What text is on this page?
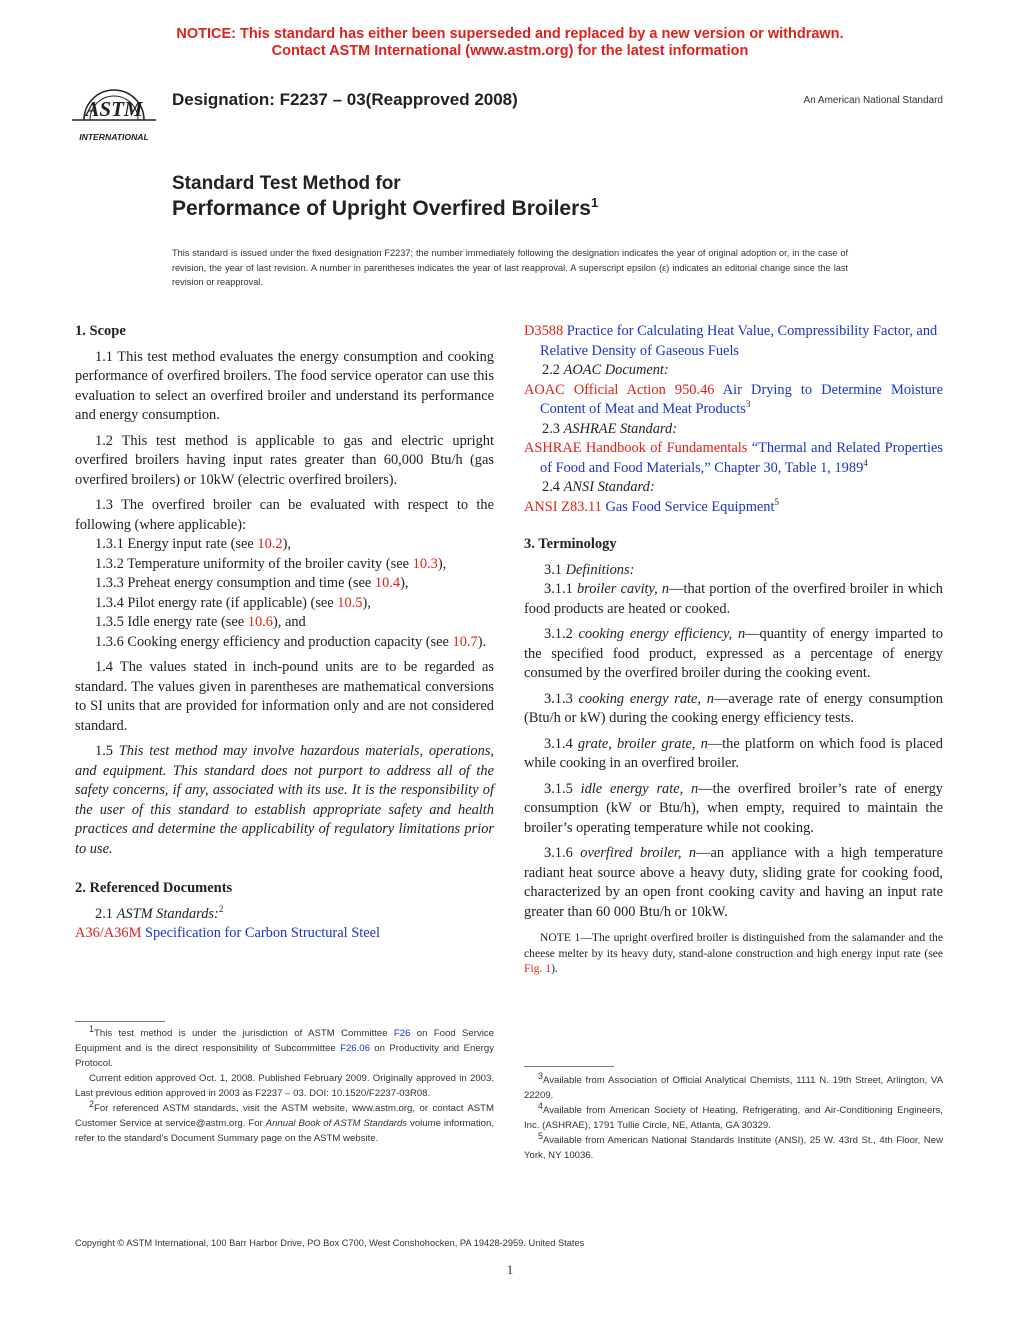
NOTICE: This standard has either been superseded and replaced by a new version or withdrawn.
Contact ASTM International (www.astm.org) for the latest information
ASTM
INTERNATIONAL
Designation: F2237 – 03(Reapproved 2008)	An American National Standard
Standard Test Method for
Performance of Upright Overfired Broilers$^1$
This standard is issued under the fixed designation F2237; the number immediately following the designation indicates the year of original adoption or, in the case of revision, the year of last revision. A number in parentheses indicates the year of last reapproval. A superscript epsilon (ε) indicates an editorial change since the last revision or reapproval.

1. Scope

1.1 This test method evaluates the energy consumption and cooking performance of overfired broilers. The food service operator can use this evaluation to select an overfired broiler and understand its performance and energy consumption.

1.2 This test method is applicable to gas and electric upright overfired broilers having input rates greater than 60,000 Btu/h (gas overfired broilers) or 10kW (electric overfired broilers).

1.3 The overfired broiler can be evaluated with respect to the following (where applicable):

1.3.1 Energy input rate (see 10.2),

1.3.2 Temperature uniformity of the broiler cavity (see 10.3),

1.3.3 Preheat energy consumption and time (see 10.4),

1.3.4 Pilot energy rate (if applicable) (see 10.5),

1.3.5 Idle energy rate (see 10.6), and

1.3.6 Cooking energy efficiency and production capacity (see 10.7).

1.4 The values stated in inch-pound units are to be regarded as standard. The values given in parentheses are mathematical conversions to SI units that are provided for information only and are not considered standard.

1.5 This test method may involve hazardous materials, operations, and equipment. This standard does not purport to address all of the safety concerns, if any, associated with its use. It is the responsibility of the user of this standard to establish appropriate safety and health practices and determine the applicability of regulatory limitations prior to use.

2. Referenced Documents

2.1 ASTM Standards:$^2$

A36/A36M Specification for Carbon Structural Steel

D3588 Practice for Calculating Heat Value, Compressibility Factor, and Relative Density of Gaseous Fuels

2.2 AOAC Document:

AOAC Official Action 950.46 Air Drying to Determine Moisture Content of Meat and Meat Products$^3$

2.3 ASHRAE Standard:

ASHRAE Handbook of Fundamentals “Thermal and Related Properties of Food and Food Materials,” Chapter 30, Table 1, 1989$^4$

2.4 ANSI Standard:

ANSI Z83.11 Gas Food Service Equipment$^5$

3. Terminology

3.1 Definitions:

3.1.1 broiler cavity, n—that portion of the overfired broiler in which food products are heated or cooked.

3.1.2 cooking energy efficiency, n—quantity of energy imparted to the specified food product, expressed as a percentage of energy consumed by the overfired broiler during the cooking event.

3.1.3 cooking energy rate, n—average rate of energy consumption (Btu/h or kW) during the cooking energy efficiency tests.

3.1.4 grate, broiler grate, n—the platform on which food is placed while cooking in an overfired broiler.

3.1.5 idle energy rate, n—the overfired broiler’s rate of energy consumption (kW or Btu/h), when empty, required to maintain the broiler’s operating temperature while not cooking.

3.1.6 overfired broiler, n—an appliance with a high temperature radiant heat source above a heavy duty, sliding grate for cooking food, characterized by an open front cooking cavity and having an input rate greater than 60 000 Btu/h or 10kW.

NOTE 1—The upright overfired broiler is distinguished from the salamander and the cheese melter by its heavy duty, stand-alone construction and high energy input rate (see Fig. 1).

$^1$This test method is under the jurisdiction of ASTM Committee F26 on Food Service Equipment and is the direct responsibility of Subcommittee F26.06 on Productivity and Energy Protocol.

Current edition approved Oct. 1, 2008. Published February 2009. Originally approved in 2003. Last previous edition approved in 2003 as F2237 – 03. DOI: 10.1520/F2237-03R08.

$^2$For referenced ASTM standards, visit the ASTM website, www.astm.org, or contact ASTM Customer Service at service@astm.org. For Annual Book of ASTM Standards volume information, refer to the standard’s Document Summary page on the ASTM website.

$^3$Available from Association of Official Analytical Chemists, 1111 N. 19th Street, Arlington, VA 22209.

$^4$Available from American Society of Heating, Refrigerating, and Air-Conditioning Engineers, Inc. (ASHRAE), 1791 Tullie Circle, NE, Atlanta, GA 30329.

$^5$Available from American National Standards Institute (ANSI), 25 W. 43rd St., 4th Floor, New York, NY 10036.

Copyright © ASTM International, 100 Barr Harbor Drive, PO Box C700, West Conshohocken, PA 19428-2959. United States
1
